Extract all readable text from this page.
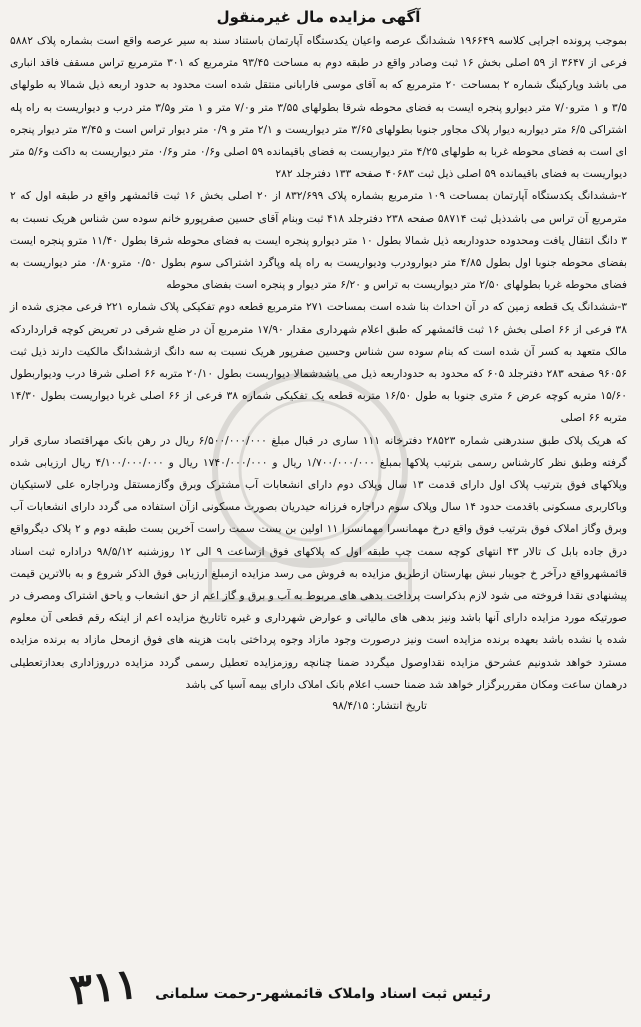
آگهی مزایده مال غیرمنقول

بموجب پرونده اجرایی کلاسه ۱۹۶۶۴۹ ششدانگ عرصه واعیان یکدستگاه آپارتمان باستناد سند به سیر عرصه واقع است بشماره پلاک ۵۸۸۲ فرعی از ۳۶۴۷ از ۵۹ اصلی بخش ۱۶ ثبت وصادر واقع در طبقه دوم به مساحت ۹۳/۴۵ مترمربع که ۳۰۱ مترمربع تراس مسقف فاقد انباری می باشد وپارکینگ شماره ۲ بمساحت ۲۰ مترمربع که به آقای موسی فارابانی منتقل شده است محدود به حدود اربعه ذیل شمالا به طولهای ۳/۵ و ۱ مترو۷/۰ متر دیوارو پنجره ایست به فضای محوطه شرقا بطولهای ۳/۵۵ متر و۷/۰ متر و ۱ متر و۳/۵ متر درب و دیواریست به راه پله اشتراکی ۶/۵ متر دیواربه دیوار پلاک مجاور جنوبا بطولهای ۳/۶۵ متر دیواریست و ۲/۱ متر و ۰/۹ متر دیوار تراس است و ۳/۴۵ متر دیوار پنجره ای است به فضای محوطه غربا به طولهای ۴/۲۵ متر دیواریست به فضای باقیمانده ۵۹ اصلی و۰/۶ متر و۰/۶ متر دیواریست به داکت و۵/۶ متر دیواریست به فضای باقیمانده ۵۹ اصلی ذیل ثبت ۴۰۶۸۳ صفحه ۱۳۳ دفترجلد ۲۸۲

۲-ششدانگ یکدستگاه آپارتمان بمساحت ۱۰۹ مترمربع بشماره پلاک ۸۳۲/۶۹۹ از ۲۰ اصلی بخش ۱۶ ثبت قائمشهر واقع در طبقه اول که ۲ مترمربع آن تراس می باشدذیل ثبت ۵۸۷۱۴ صفحه ۲۳۸ دفترجلد ۴۱۸ ثبت وبنام آقای حسین صفرپورو خانم سوده سن شناس هریک نسبت به ۳ دانگ انتقال یافت ومحدوده حدوداربعه ذیل شمالا بطول ۱۰ متر دیوارو پنجره ایست به فضای محوطه شرقا بطول ۱۱/۴۰ مترو پنجره ایست بفضای محوطه جنوبا اول بطول ۴/۸۵ متر دیوارودرب ودیواریست به راه پله وپاگرد اشتراکی سوم بطول ۰/۵۰ مترو۰/۸۰ متر دیواریست به فضای محوطه غربا بطولهای ۲/۵۰ متر دیواریست به تراس و ۶/۲۰ متر دیوار و پنجره است بفضای محوطه

۳-ششدانگ یک قطعه زمین که در آن احداث بنا شده است بمساحت ۲۷۱ مترمربع قطعه دوم تفکیکی پلاک شماره ۲۲۱ فرعی مجزی شده از ۳۸ فرعی از ۶۶ اصلی بخش ۱۶ ثبت قائمشهر که طبق اعلام شهرداری مقدار ۱۷/۹۰ مترمربع آن در ضلع شرقی در تعریض کوچه قرارداردکه مالک متعهد به کسر آن شده است که بنام سوده سن شناس وحسین صفرپور هریک نسبت به سه دانگ ازششدانگ مالکیت دارند ذیل ثبت ۹۶۰۵۶ صفحه ۲۸۳ دفترجلد ۶۰۵ که محدود به حدوداربعه ذیل می باشدشمالا دیواریست بطول ۲۰/۱۰ متربه ۶۶ اصلی شرقا درب ودیواربطول ۱۵/۶۰ متربه کوچه عرض ۶ متری جنوبا به طول ۱۶/۵۰ متربه قطعه یک تفکیکی شماره ۳۸ فرعی از ۶۶ اصلی غربا دیواریست بطول ۱۴/۳۰ متربه ۶۶ اصلی

که هریک پلاک طبق سندرهنی شماره ۲۸۵۲۳ دفترخانه ۱۱۱ ساری در قبال مبلغ ۶/۵۰۰/۰۰۰/۰۰۰ ریال در رهن بانک مهراقتصاد ساری قرار گرفته وطبق نظر کارشناس رسمی بترتیب پلاکها بمبلغ ۱/۷۰۰/۰۰۰/۰۰۰ ریال و ۱۷۴۰/۰۰۰/۰۰۰ ریال و ۴/۱۰۰/۰۰۰/۰۰۰ ریال ارزیابی شده وپلاکهای فوق بترتیب پلاک اول دارای قدمت ۱۳ سال وپلاک دوم دارای انشعابات آب مشترک وبرق وگازمستقل ودراجاره علی لاستیکیان وباکاربری مسکونی باقدمت حدود ۱۴ سال وپلاک سوم دراجاره فرزانه حیدریان بصورت مسکونی ازآن استفاده می گردد دارای انشعابات آب وبرق وگاز املاک فوق بترتیب فوق واقع درخ مهمانسرا مهمانسرا ۱۱ اولین بن بست سمت راست آخرین بست طبقه دوم و ۲ پلاک دیگرواقع درق جاده بابل ک تالار ۴۳ انتهای کوچه سمت چپ طبقه اول که پلاکهای فوق ازساعت ۹ الی ۱۲ روزشنبه ۹۸/۵/۱۲ دراداره ثبت اسناد قائمشهرواقع درآخر خ جویبار نبش بهارستان ازطریق مزایده به فروش می رسد مزایده ازمبلغ ارزیابی فوق الذکر شروع و به بالاترین قیمت پیشنهادی نقدا فروخته می شود لازم بذکراست پرداخت بدهی های مربوط به آب و برق و گاز اعم از حق انشعاب و یاحق اشتراک ومصرف در صورتیکه مورد مزایده دارای آنها باشد ونیز بدهی های مالیاتی و عوارض شهرداری و غیره تاتاریخ مزایده اعم از اینکه رقم قطعی آن معلوم شده یا نشده باشد بعهده برنده مزایده است ونیز درصورت وجود مازاد وجوه پرداختی بابت هزینه های فوق ازمحل مازاد به برنده مزایده مسترد خواهد شدونیم عشرحق مزایده نقداوصول میگردد ضمنا چنانچه روزمزایده تعطیل رسمی گردد مزایده درروزاداری بعدازتعطیلی درهمان ساعت ومکان مقرربرگزار خواهد شد ضمنا حسب اعلام بانک املاک دارای بیمه آسیا کی باشد

تاریخ انتشار: ۹۸/۴/۱۵
۳۱۱ رئیس ثبت اسناد واملاک قائمشهر-رحمت سلمانی
